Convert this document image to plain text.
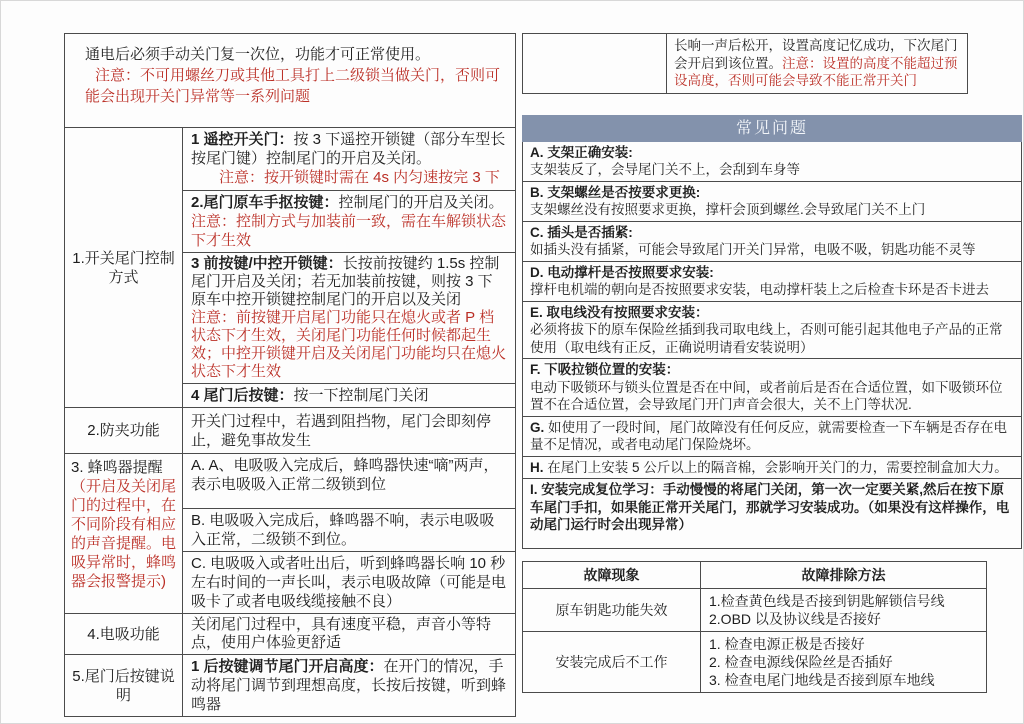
通电后必须手动关门复一次位，功能才可正常使用。
注意：不可用螺丝刀或其他工具打上二级锁当做关门，否则可能会出现开关门异常等一系列问题
1.开关尾门控制方式
1 遥控开关门：按 3 下遥控开锁键（部分车型长按尾门键）控制尾门的开启及关闭。
注意：按开锁键时需在 4s 内匀速按完 3 下
2.尾门原车手抠按键：控制尾门的开启及关闭。
注意：控制方式与加装前一致，需在车解锁状态下才生效
3 前按键/中控开锁键：长按前按键约 1.5s 控制尾门开启及关闭；若无加装前按键，则按 3 下原车中控开锁键控制尾门的开启以及关闭
注意：前按键开启尾门功能只在熄火或者 P 档状态下才生效，关闭尾门功能任何时候都起生效；中控开锁键开启及关闭尾门功能均只在熄火状态下才生效
4 尾门后按键：按一下控制尾门关闭
2.防夹功能
开关门过程中，若遇到阻挡物，尾门会即刻停止，避免事故发生
3. 蜂鸣器提醒（开启及关闭尾门的过程中，在不同阶段有相应的声音提醒。电吸异常时，蜂鸣器会报警提示)
A. A、电吸吸入完成后，蜂鸣器快速“嘀”两声，表示电吸吸入正常二级锁到位
B. 电吸吸入完成后，蜂鸣器不响，表示电吸吸入正常，二级锁不到位。
C. 电吸吸入或者吐出后，听到蜂鸣器长响 10 秒左右时间的一声长叫，表示电吸故障（可能是电吸卡了或者电吸线缆接触不良）
4.电吸功能
关闭尾门过程中，具有速度平稳，声音小等特点，使用户体验更舒适
5.尾门后按键说明
1 后按键调节尾门开启高度：在开门的情况，手动将尾门调节到理想高度，长按后按键，听到蜂鸣器
长响一声后松开，设置高度记忆成功，下次尾门会开启到该位置。注意：设置的高度不能超过预设高度，否则可能会导致不能正常开关门
常见问题
A. 支架正确安装:
支架装反了，会导尾门关不上，会刮到车身等
B. 支架螺丝是否按要求更换:
支架螺丝没有按照要求更换，撑杆会顶到螺丝.会导致尾门关不上门
C. 插头是否插紧:
如插头没有插紧，可能会导致尾门开关门异常，电吸不吸，钥匙功能不灵等
D. 电动撑杆是否按照要求安装:
撑杆电机端的朝向是否按照要求安装，电动撑杆装上之后检查卡环是否卡进去
E. 取电线没有按照要求安装：
必须将拔下的原车保险丝插到我司取电线上，否则可能引起其他电子产品的正常使用（取电线有正反，正确说明请看安装说明）
F. 下吸拉锁位置的安装：
电动下吸锁环与锁头位置是否在中间，或者前后是否在合适位置，如下吸锁环位置不在合适位置，会导致尾门开门声音会很大，关不上门等状况.
G. 如使用了一段时间，尾门故障没有任何反应，就需要检查一下车辆是否存在电量不足情况，或者电动尾门保险烧坏。
H. 在尾门上安装 5 公斤以上的隔音棉，会影响开关门的力，需要控制盒加大力。
I. 安装完成复位学习：手动慢慢的将尾门关闭，第一次一定要关紧,然后在按下原车尾门手扣，如果能正常开关尾门，那就学习安装成功。（如果没有这样操作，电动尾门运行时会出现异常）
故障现象	故障排除方法
原车钥匙功能失效
1.检查黄色线是否接到钥匙解锁信号线
2.OBD 以及协议线是否接好
安装完成后不工作
1. 检查电源正极是否接好
2. 检查电源线保险丝是否插好
3. 检查电尾门地线是否接到原车地线
